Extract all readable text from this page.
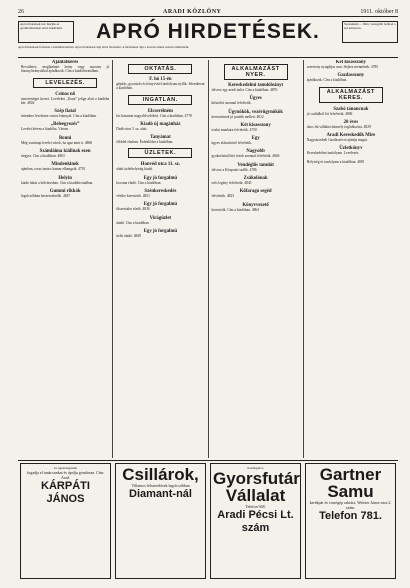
26	ARADI KÖZLÖNY	1911. október 8
Apró hirdetések ára: Kérjük az apróhirdetéseket előre beküldeni.	APRÓ HIRDETÉSEK.	Szavanként ... fillér, vastagabb betűvel a szó kétszeres.
Apró hirdetések felvétele a kiadóhivatalban. Apró hirdetések díja előre fizetendő. A hirdetések díja a szavak száma szerint számíttatik.
Ajánlatkérés
Becsületes, megbízható leány vagy asszony jó bizonyítványokkal ajánlkozik. Cím a kiadóhivatalban.
LEVELEZÉS.
Csinos nő
ismeretséget keresi. Leveleket „Ilona” jelige alatt a kiadóba kér. 4802
Szép fiatal
úriember levelezne csinos leánnyal. Cím a kiadóban.
„Beleegyezés”
Levelet kérem a kiadóba. Várom.
Bonni
Még vasárnap levelet várok, ha igaz amit ír. 4868
Számláima kiállnak ezen
tárgyra. Cím a kiadóban. 4863
Mindenkinek
ajánlom, rossz tanács hamar elhangzik. 4791
Helyin
kiadó lakás a belvárosban. Cím a kiadóhivatalban.
Gummi rikkók
legolcsóbban beszerezhetők. 4847
OKTATÁS.
F. hó 15-én
gépírás, gyorsírás és könyvvitel tanfolyam nyílik. Jelentkezni a kiadóban.
INGATLAN.
Elcserélném
kis házamat nagyobb telekért. Cím a kiadóban. 4778
Kiadó új magánház
Deák-utca 3. sz. alatt.
Tanyámat
földdel eladom. Érdeklődni a kiadóban.
ÜZLETEK.
Honvéd utca 11. sz.
alatti üzlethelyiség kiadó.
Egy jó forgalmú
kocsma eladó. Cím a kiadóban.
Szénkereskedés
vételre kerestetik. 4831
Egy jó forgalmú
fűszerüzlet eladó. 4830
Virágüzlet
átadó. Cím a kiadóban.
Egy jó forgalmú
üzlet átadó. 4849
ALKALMAZÁST NYER.
Kereskedelmi tanulóleányt
felvesz egy aradi üzlet. Cím a kiadóban. 4876
Ügyes
kifutófiú azonnal felvétetik.
Ügynökök, vezérügynökök
keresztetnek jó jutalék mellett. 4812
Két kisasszony
irodai munkára felvétetik. 4750
Egy
ügyes elárusítónő felvétetik.
Nagyobb
gyakorlattal bíró írnok azonnal felvétetik. 4846
Vendéglős tanulót
felvesz a Központi szálló. 4786
Zsákolónak
erős legény felvétetik. 4845
Kőfaragó segéd
felvétetik. 4823
Könyvvezető
kerestetik. Cím a kiadóban. 4864
Két kisasszony
szereteny nyugdíjas urat, férjhez mennének. 4785
Gazdasszony
ajánlkozik. Cím a kiadóban.
ALKALMAZÁST KERES.
Szabó tanoncnak
jó családból fiú felvétetik. 4806
20 éves
okos fiú vállalna bármely foglalkozást. 4829
Aradi Kereskedők Mire
Nagysárosbeli Gazdaszövet ajánlja magát.
Üzletkönyv
Kereskedelmi tanfolyam. Levelezés.
Helyiség és tanfolyam a kiadóban. 4881
Jó egészségének
fogadja el tanácsunkat és ápolja gondosan. Cím: Arad.
KÁRPÁTI JÁNOS
Csillárok,
Villamos felszerelések legolcsóbban
Diamant-nál
Kerékpáros
Gyorsfutár Vállalat
Telefon 948.
Aradi Pécsi Lt. szám
Gartner Samu
kerékpár és varrógép raktára, Weitzer János-utca 2. szám.
Telefon 781.
